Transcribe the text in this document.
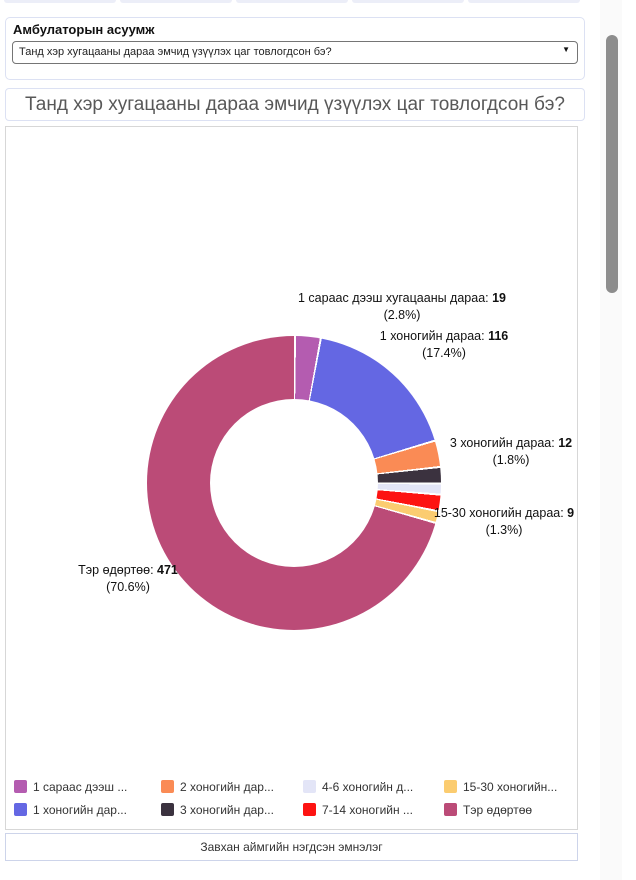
Амбулаторын асуумж
Танд хэр хугацааны дараа эмчид үзүүлэх цаг товлогдсон бэ?	▼
Танд хэр хугацааны дараа эмчид үзүүлэх цаг товлогдсон бэ?
1 сараас дээш хугацааны дараа: 19
(2.8%)
1 хоногийн дараа: 116
(17.4%)
3 хоногийн дараа: 12
(1.8%)
15-30 хоногийн дараа: 9
(1.3%)
Тэр өдөртөө: 471
(70.6%)
1 сараас дээш ...
1 хоногийн дар...
2 хоногийн дар...
3 хоногийн дар...
4-6 хоногийн д...
7-14 хоногийн ...
15-30 хоногийн...
Тэр өдөртөө
Завхан аймгийн нэгдсэн эмнэлэг
